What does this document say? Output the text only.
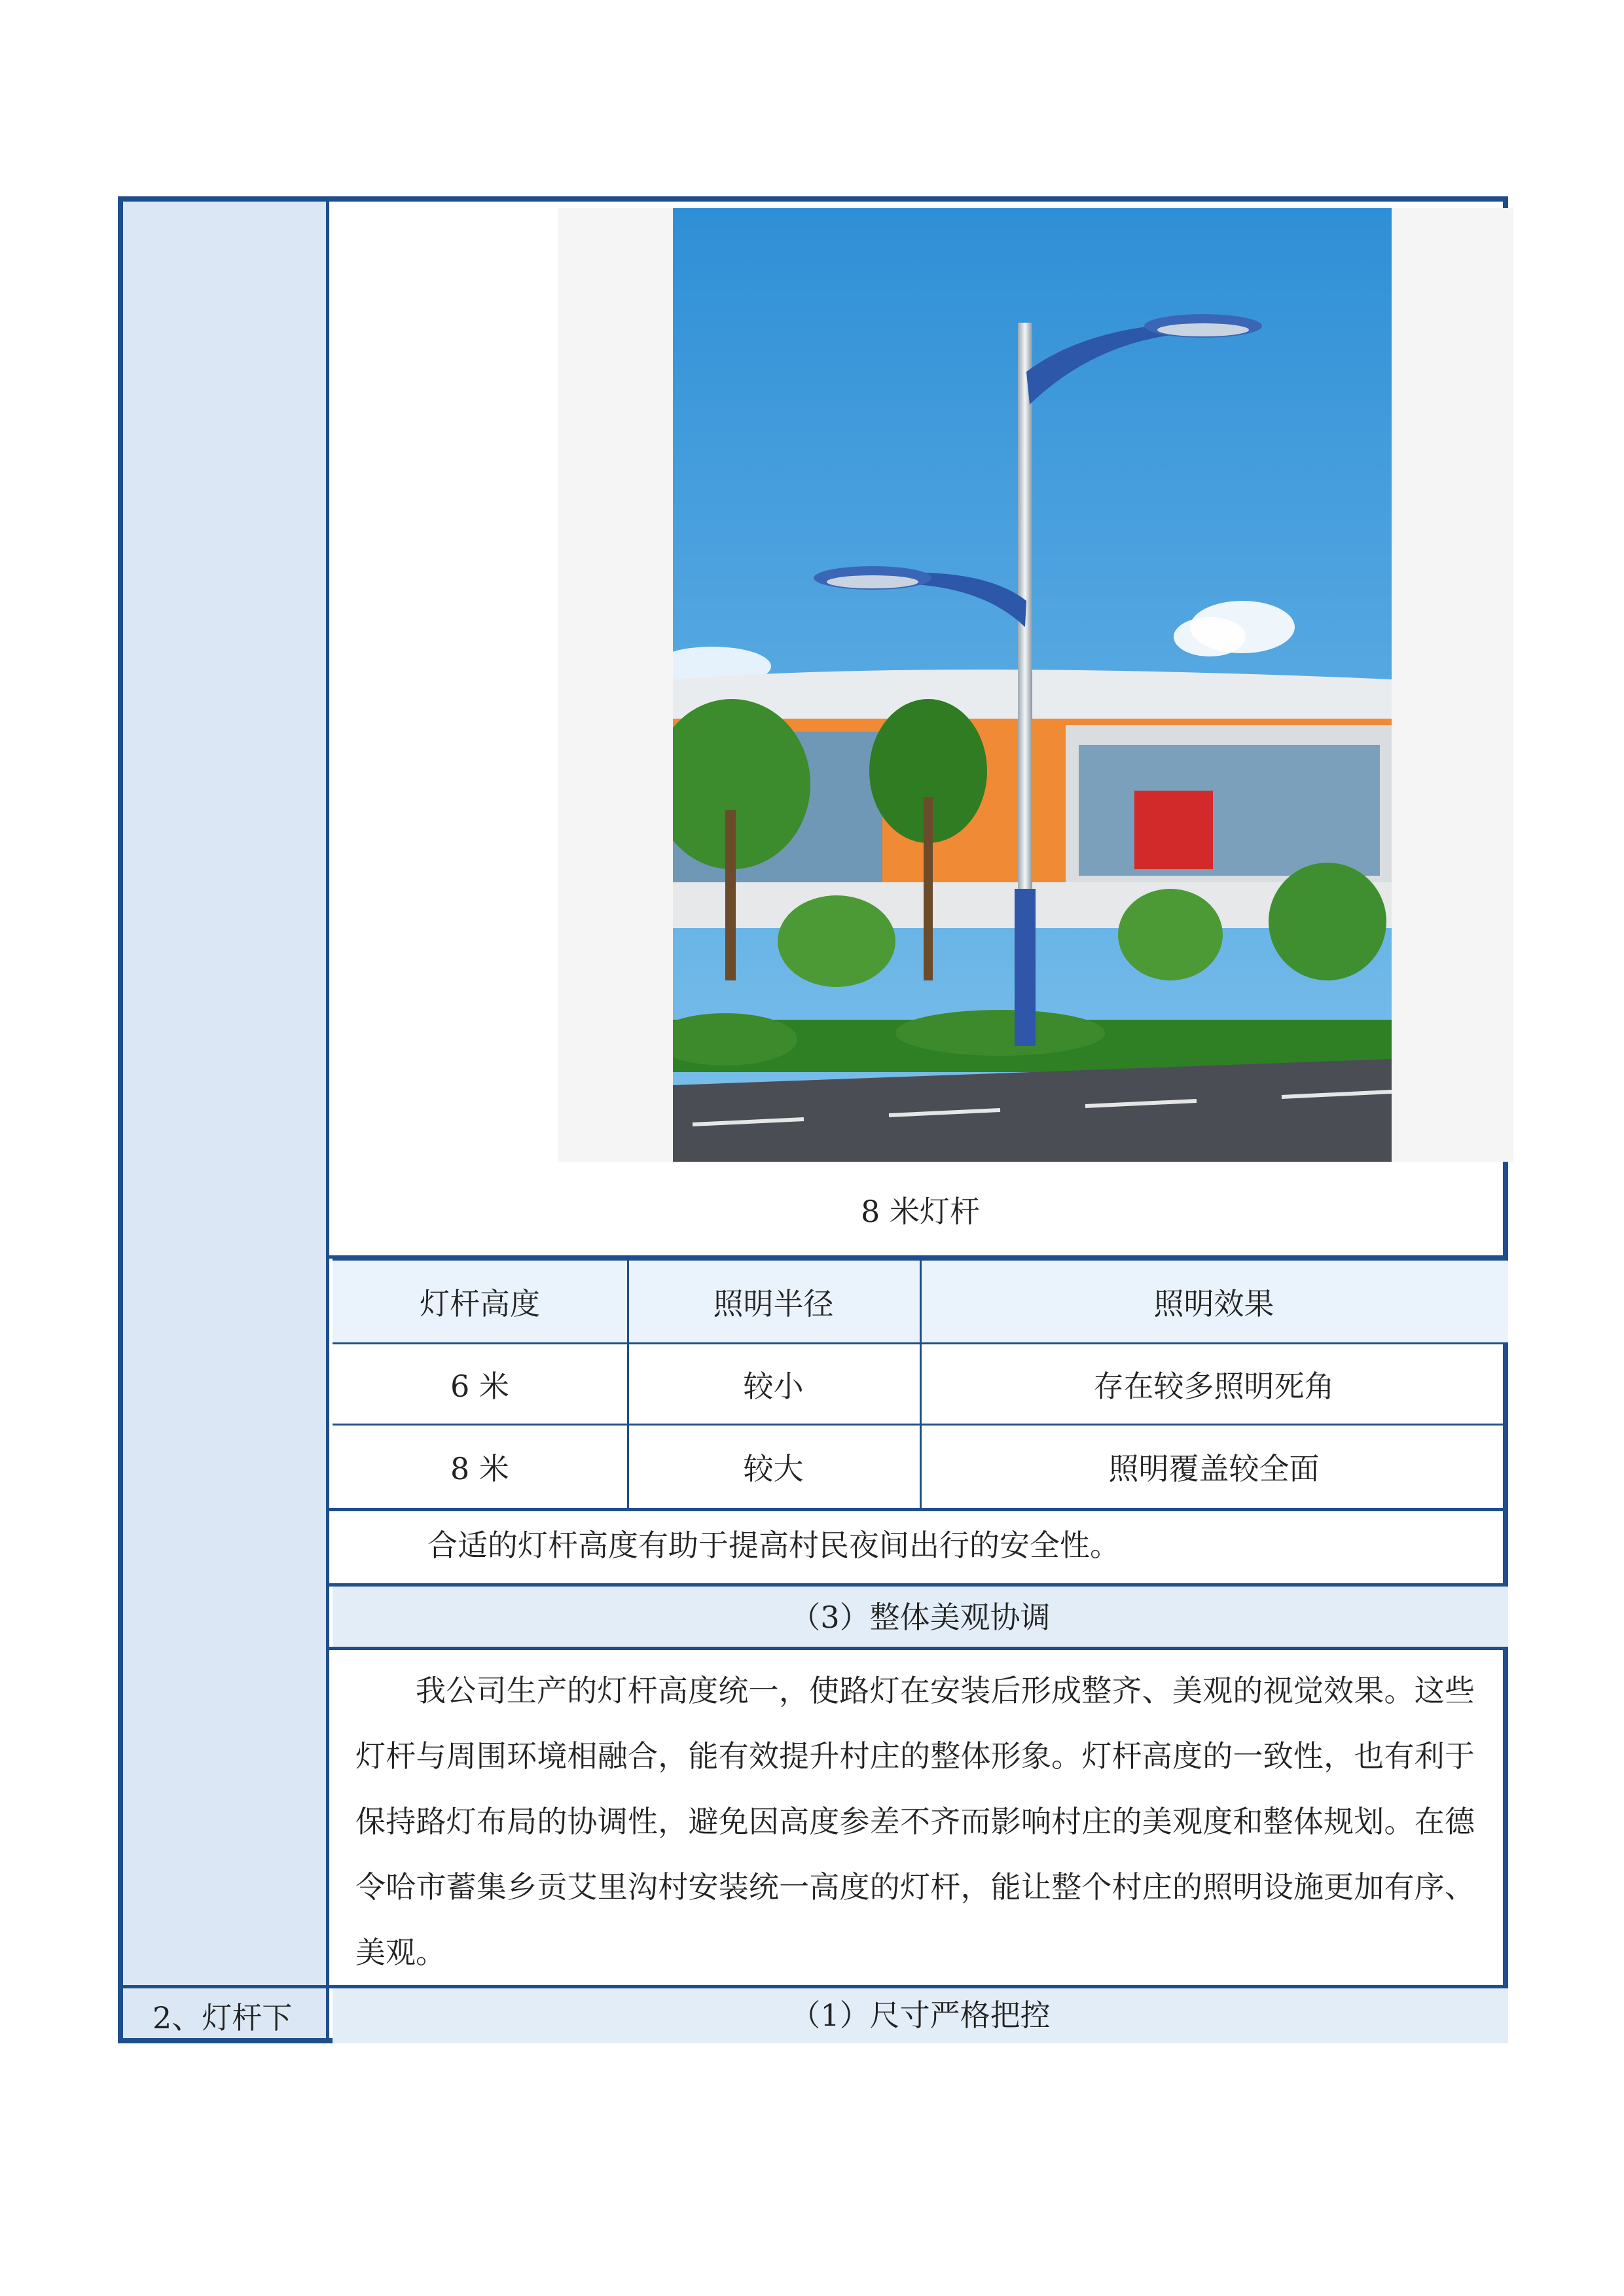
8 米灯杆
灯杆高度	照明半径	照明效果
6 米	较小	存在较多照明死角
8 米	较大	照明覆盖较全面
合适的灯杆高度有助于提高村民夜间出行的安全性。
（3）整体美观协调
我公司生产的灯杆高度统一，使路灯在安装后形成整齐、美观的视觉效果。这些灯杆与周围环境相融合，能有效提升村庄的整体形象。灯杆高度的一致性，也有利于保持路灯布局的协调性，避免因高度参差不齐而影响村庄的美观度和整体规划。在德令哈市蓄集乡贡艾里沟村安装统一高度的灯杆，能让整个村庄的照明设施更加有序、美观。
2、灯杆下	（1）尺寸严格把控
